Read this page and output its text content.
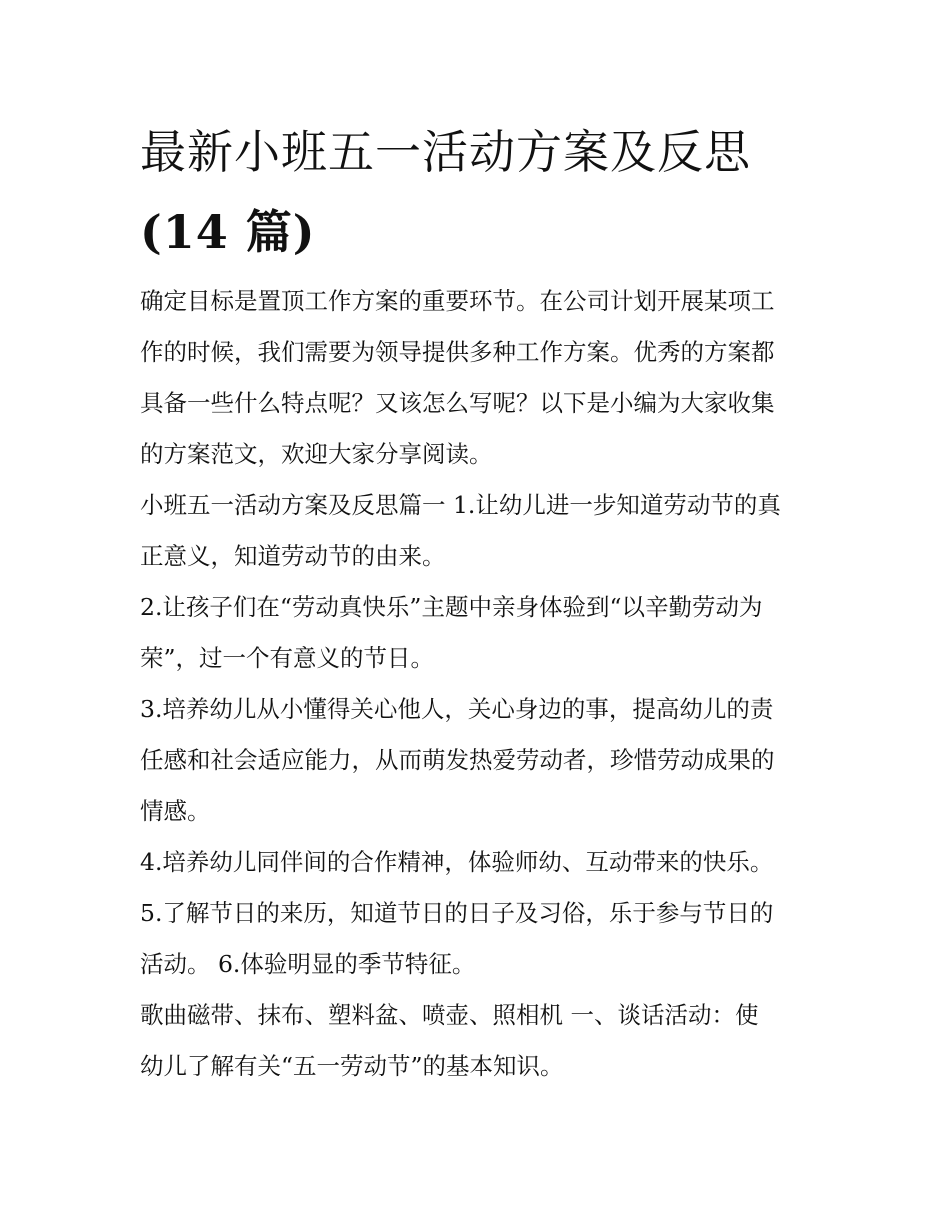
最新小班五一活动方案及反思
(14 篇)

确定目标是置顶工作方案的重要环节。在公司计划开展某项工
作的时候，我们需要为领导提供多种工作方案。优秀的方案都
具备一些什么特点呢？又该怎么写呢？以下是小编为大家收集
的方案范文，欢迎大家分享阅读。

小班五一活动方案及反思篇一 1.让幼儿进一步知道劳动节的真
正意义，知道劳动节的由来。

2.让孩子们在“劳动真快乐”主题中亲身体验到“以辛勤劳动为
荣”，过一个有意义的节日。

3.培养幼儿从小懂得关心他人，关心身边的事，提高幼儿的责
任感和社会适应能力，从而萌发热爱劳动者，珍惜劳动成果的
情感。

4.培养幼儿同伴间的合作精神，体验师幼、互动带来的快乐。

5.了解节日的来历，知道节日的日子及习俗，乐于参与节日的
活动。 6.体验明显的季节特征。

歌曲磁带、抹布、塑料盆、喷壶、照相机 一、谈话活动：使
幼儿了解有关“五一劳动节”的基本知识。
